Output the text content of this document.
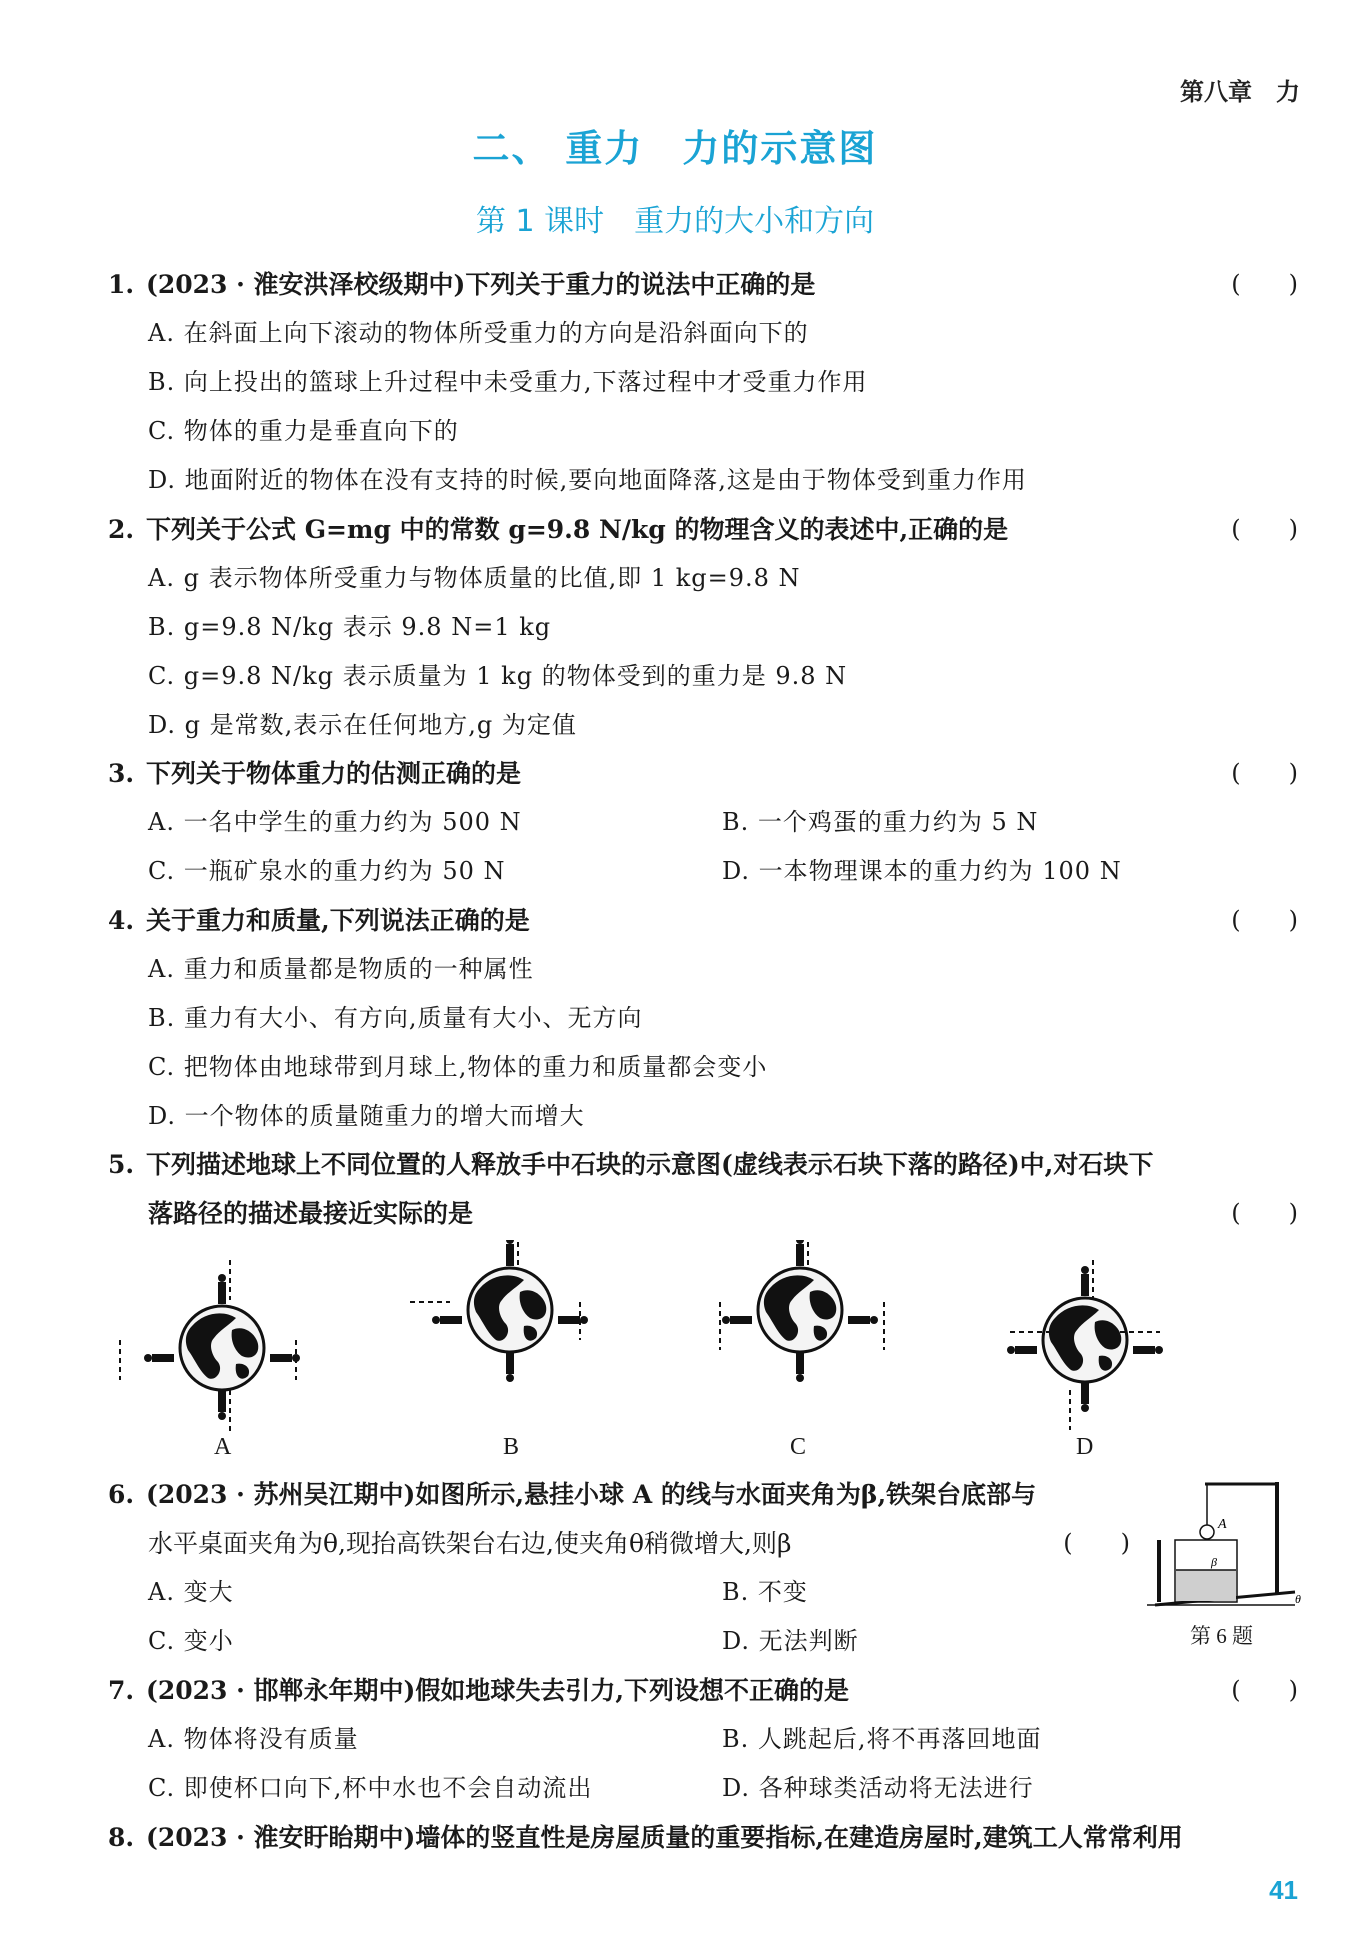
第八章　力
二、 重力　力的示意图
第 1 课时　重力的大小和方向
1. (2023 · 淮安洪泽校级期中)下列关于重力的说法中正确的是	(　　)
A. 在斜面上向下滚动的物体所受重力的方向是沿斜面向下的
B. 向上投出的篮球上升过程中未受重力,下落过程中才受重力作用
C. 物体的重力是垂直向下的
D. 地面附近的物体在没有支持的时候,要向地面降落,这是由于物体受到重力作用
2. 下列关于公式 G=mg 中的常数 g=9.8 N/kg 的物理含义的表述中,正确的是	(　　)
A. g 表示物体所受重力与物体质量的比值,即 1 kg=9.8 N
B. g=9.8 N/kg 表示 9.8 N=1 kg
C. g=9.8 N/kg 表示质量为 1 kg 的物体受到的重力是 9.8 N
D. g 是常数,表示在任何地方,g 为定值
3. 下列关于物体重力的估测正确的是	(　　)
A. 一名中学生的重力约为 500 N	B. 一个鸡蛋的重力约为 5 N
C. 一瓶矿泉水的重力约为 50 N	D. 一本物理课本的重力约为 100 N
4. 关于重力和质量,下列说法正确的是	(　　)
A. 重力和质量都是物质的一种属性
B. 重力有大小、有方向,质量有大小、无方向
C. 把物体由地球带到月球上,物体的重力和质量都会变小
D. 一个物体的质量随重力的增大而增大
5. 下列描述地球上不同位置的人释放手中石块的示意图(虚线表示石块下落的路径)中,对石块下
落路径的描述最接近实际的是	(　　)
A	B	C	D
6. (2023 · 苏州吴江期中)如图所示,悬挂小球 A 的线与水面夹角为β,铁架台底部与
水平桌面夹角为θ,现抬高铁架台右边,使夹角θ稍微增大,则β	(　　)
A. 变大	B. 不变
C. 变小	D. 无法判断
A
β
θ
第 6 题
7. (2023 · 邯郸永年期中)假如地球失去引力,下列设想不正确的是	(　　)
A. 物体将没有质量	B. 人跳起后,将不再落回地面
C. 即使杯口向下,杯中水也不会自动流出	D. 各种球类活动将无法进行
8. (2023 · 淮安盱眙期中)墙体的竖直性是房屋质量的重要指标,在建造房屋时,建筑工人常常利用
41
